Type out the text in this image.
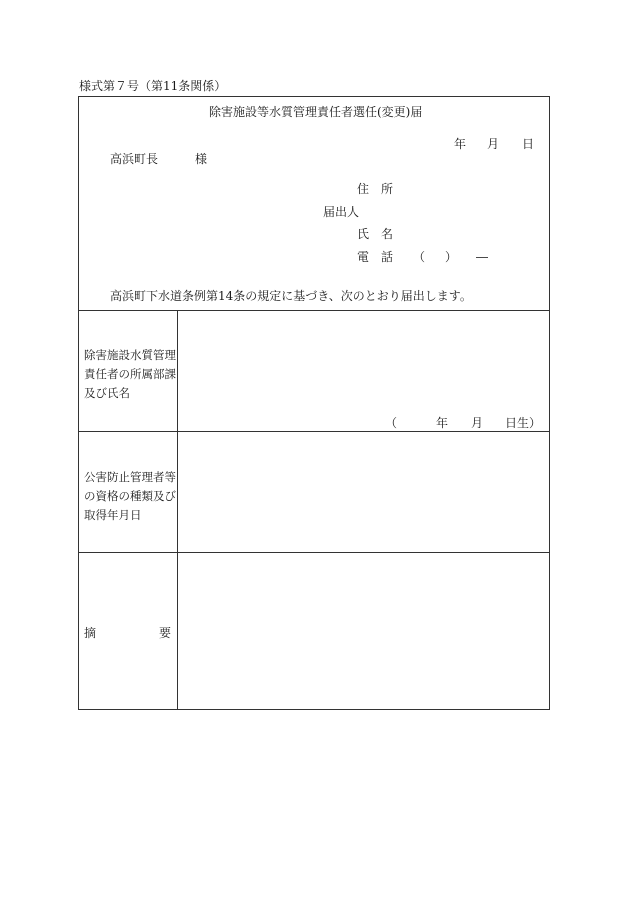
様式第７号（第11条関係）
除害施設等水質管理責任者選任(変更)届
年 月 日
高浜町長	様
住　所
届出人
氏　名
電　話 （ ） ―
高浜町下水道条例第14条の規定に基づき、次のとおり届出します。
除害施設水質管理責任者の所属部課及び氏名
（	年 月 日生）
公害防止管理者等の資格の種類及び取得年月日
摘	要
